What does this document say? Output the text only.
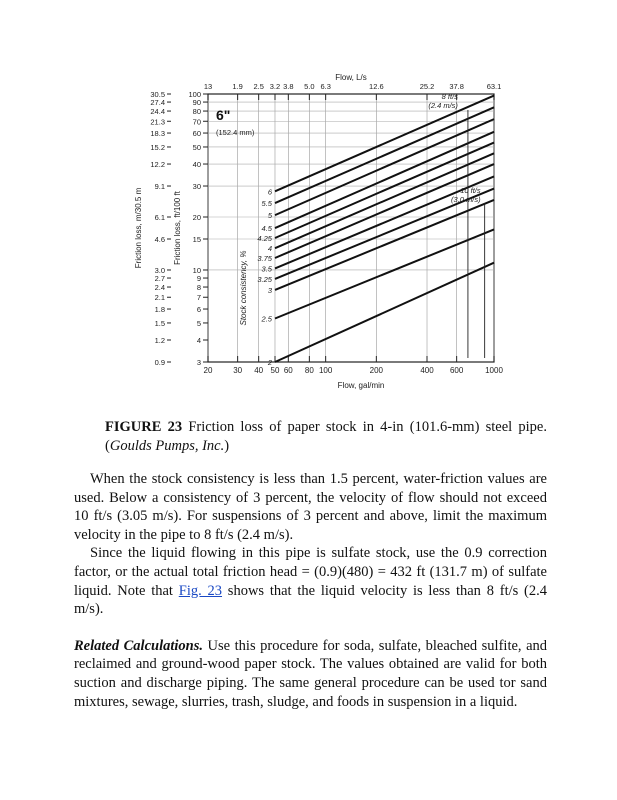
20	30 40 50 60 80 100	200	400 600	1000
13	1.9 2.5 3.2 3.8 5.0 6.3	12.6	25.2 37.8	63.1
3
4
5
6
7
8
9
10
15
20
30
40
50
60
70
80
90
100
0.9
1.2
1.5
1.8
2.1
2.4
2.7
3.0
4.6
6.1
9.1
12.2
15.2
18.3
21.3
24.4
27.4
30.5
Flow, L/s
Flow, gal/min
Friction loss, m/30.5 m	Friction loss, ft/100 ft
Stock consistency, %
6"
(152.4 mm)
2
2.5
3
3.25
3.5
3.75
4
4.25
4.5
5
5.5
6
8 ft/s
(2.4 m/s)
10 ft/s
(3.0 m/s)

FIGURE 23 Friction loss of paper stock in 4-in (101.6-mm) steel pipe. (Goulds Pumps, Inc.)

When the stock consistency is less than 1.5 percent, water-friction values are used. Below a consistency of 3 percent, the velocity of flow should not exceed 10 ft/s (3.05 m/s). For suspensions of 3 percent and above, limit the maximum velocity in the pipe to 8 ft/s (2.4 m/s).

Since the liquid flowing in this pipe is sulfate stock, use the 0.9 correction factor, or the actual total friction head = (0.9)(480) = 432 ft (131.7 m) of sulfate liquid. Note that Fig. 23 shows that the liquid velocity is less than 8 ft/s (2.4 m/s).

Related Calculations. Use this procedure for soda, sulfate, bleached sulfite, and reclaimed and ground-wood paper stock. The values obtained are valid for both suction and discharge piping. The same general procedure can be used tor sand mixtures, sewage, slurries, trash, sludge, and foods in suspension in a liquid.
